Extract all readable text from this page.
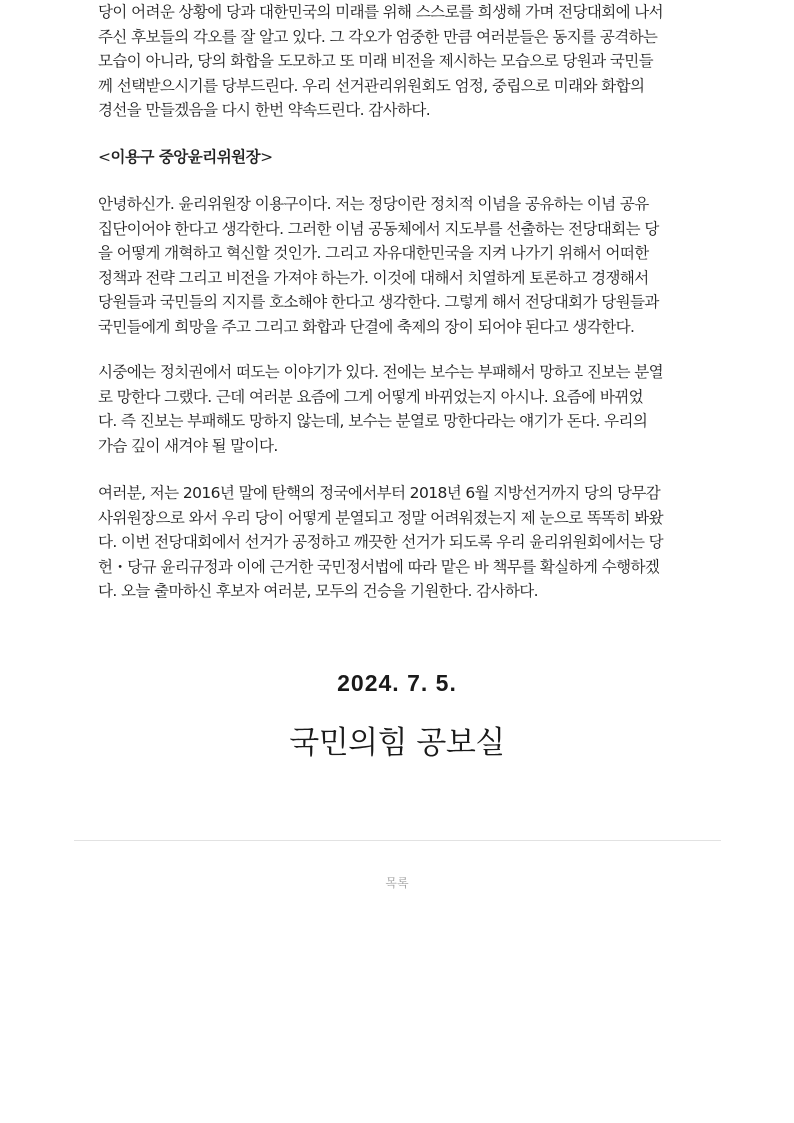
당이 어려운 상황에 당과 대한민국의 미래를 위해 스스로를 희생해 가며 전당대회에 나서
주신 후보들의 각오를 잘 알고 있다. 그 각오가 엄중한 만큼 여러분들은 동지를 공격하는
모습이 아니라, 당의 화합을 도모하고 또 미래 비전을 제시하는 모습으로 당원과 국민들
께 선택받으시기를 당부드린다. 우리 선거관리위원회도 엄정, 중립으로 미래와 화합의
경선을 만들겠음을 다시 한번 약속드린다. 감사하다.

<이용구 중앙윤리위원장>

안녕하신가. 윤리위원장 이용구이다. 저는 정당이란 정치적 이념을 공유하는 이념 공유
집단이어야 한다고 생각한다. 그러한 이념 공동체에서 지도부를 선출하는 전당대회는 당
을 어떻게 개혁하고 혁신할 것인가. 그리고 자유대한민국을 지켜 나가기 위해서 어떠한
정책과 전략 그리고 비전을 가져야 하는가. 이것에 대해서 치열하게 토론하고 경쟁해서
당원들과 국민들의 지지를 호소해야 한다고 생각한다. 그렇게 해서 전당대회가 당원들과
국민들에게 희망을 주고 그리고 화합과 단결에 축제의 장이 되어야 된다고 생각한다.

시중에는 정치권에서 떠도는 이야기가 있다. 전에는 보수는 부패해서 망하고 진보는 분열
로 망한다 그랬다. 근데 여러분 요즘에 그게 어떻게 바뀌었는지 아시나. 요즘에 바뀌었
다. 즉 진보는 부패해도 망하지 않는데, 보수는 분열로 망한다라는 얘기가 돈다. 우리의
가슴 깊이 새겨야 될 말이다.

여러분, 저는 2016년 말에 탄핵의 정국에서부터 2018년 6월 지방선거까지 당의 당무감
사위원장으로 와서 우리 당이 어떻게 분열되고 정말 어려워졌는지 제 눈으로 똑똑히 봐왔
다. 이번 전당대회에서 선거가 공정하고 깨끗한 선거가 되도록 우리 윤리위원회에서는 당
헌・당규 윤리규정과 이에 근거한 국민정서법에 따라 맡은 바 책무를 확실하게 수행하겠
다. 오늘 출마하신 후보자 여러분, 모두의 건승을 기원한다. 감사하다.

2024. 7. 5.
국민의힘 공보실
목록
